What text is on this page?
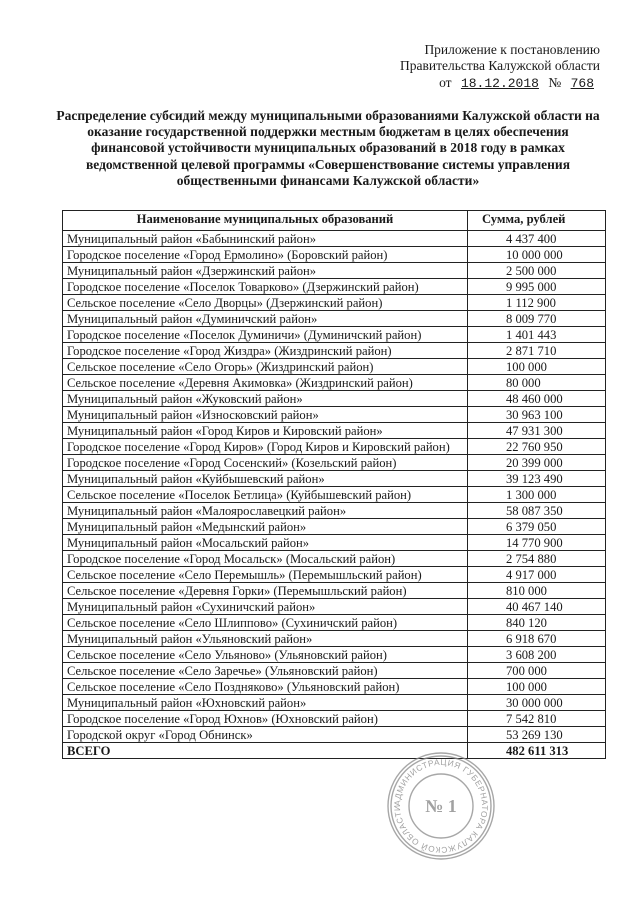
Приложение к постановлению
Правительства Калужской области
от 18.12.2018 № 768
Распределение субсидий между муниципальными образованиями Калужской области на оказание государственной поддержки местным бюджетам в целях обеспечения финансовой устойчивости муниципальных образований в 2018 году в рамках ведомственной целевой программы «Совершенствование системы управления общественными финансами Калужской области»
Наименование муниципальных образований	Сумма, рублей
Муниципальный район «Бабынинский район»	4 437 400
Городское поселение «Город Ермолино» (Боровский район)	10 000 000
Муниципальный район «Дзержинский район»	2 500 000
Городское поселение «Поселок Товарково» (Дзержинский район)	9 995 000
Сельское поселение «Село Дворцы» (Дзержинский район)	1 112 900
Муниципальный район «Думиничский район»	8 009 770
Городское поселение «Поселок Думиничи» (Думиничский район)	1 401 443
Городское поселение «Город Жиздра» (Жиздринский район)	2 871 710
Сельское поселение «Село Огорь» (Жиздринский район)	100 000
Сельское поселение «Деревня Акимовка» (Жиздринский район)	80 000
Муниципальный район «Жуковский район»	48 460 000
Муниципальный район «Износковский район»	30 963 100
Муниципальный район «Город Киров и Кировский район»	47 931 300
Городское поселение «Город Киров» (Город Киров и Кировский район)	22 760 950
Городское поселение «Город Сосенский» (Козельский район)	20 399 000
Муниципальный район «Куйбышевский район»	39 123 490
Сельское поселение «Поселок Бетлица» (Куйбышевский район)	1 300 000
Муниципальный район «Малоярославецкий район»	58 087 350
Муниципальный район «Медынский район»	6 379 050
Муниципальный район «Мосальский район»	14 770 900
Городское поселение «Город Мосальск» (Мосальский район)	2 754 880
Сельское поселение «Село Перемышль» (Перемышльский район)	4 917 000
Сельское поселение «Деревня Горки» (Перемышльский район)	810 000
Муниципальный район «Сухиничский район»	40 467 140
Сельское поселение «Село Шлиппово» (Сухиничский район)	840 120
Муниципальный район «Ульяновский район»	6 918 670
Сельское поселение «Село Ульяново» (Ульяновский район)	3 608 200
Сельское поселение «Село Заречье» (Ульяновский район)	700 000
Сельское поселение «Село Поздняково» (Ульяновский район)	100 000
Муниципальный район «Юхновский район»	30 000 000
Городское поселение «Город Юхнов» (Юхновский район)	7 542 810
Городской округ «Город Обнинск»	53 269 130
ВСЕГО	482 611 313
АДМИНИСТРАЦИЯ ГУБЕРНАТОРА КАЛУЖСКОЙ ОБЛАСТИ	№ 1
